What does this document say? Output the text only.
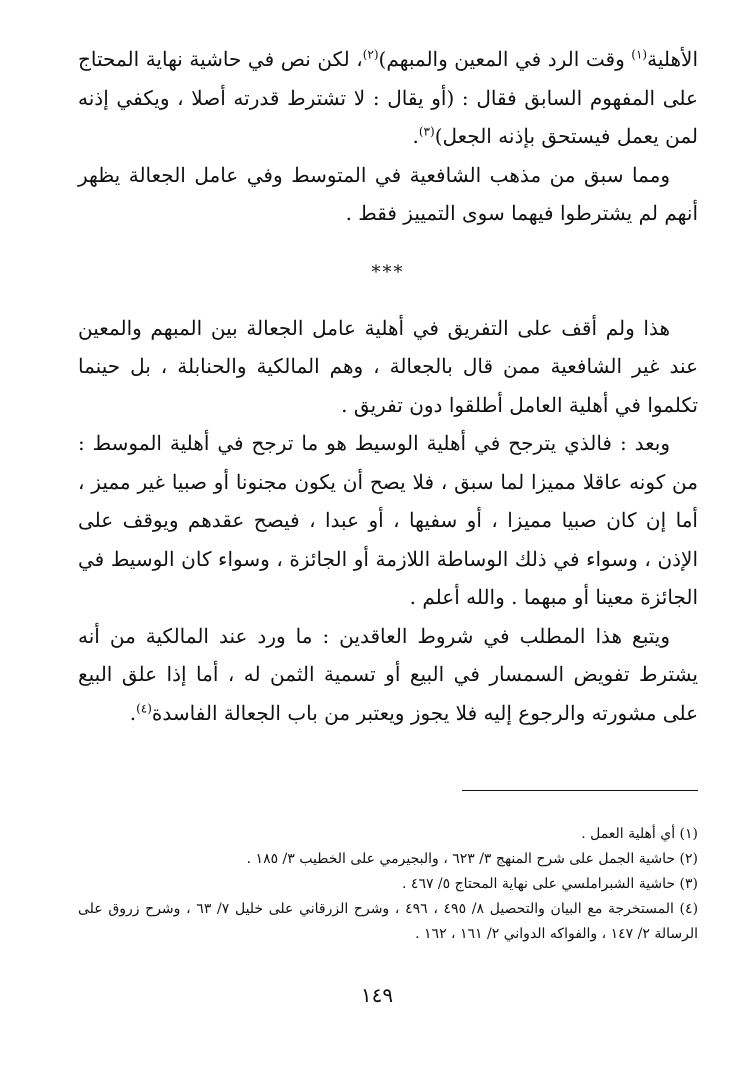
الأهلية$^{(١)}$ وقت الرد في المعين والمبهم)$^{(٢)}$، لكن نص في حاشية نهاية المحتاج على المفهوم السابق فقال : (أو يقال : لا تشترط قدرته أصلا ، ويكفي إذنه لمن يعمل فيستحق بإذنه الجعل)$^{(٣)}$.

ومما سبق من مذهب الشافعية في المتوسط وفي عامل الجعالة يظهر أنهم لم يشترطوا فيهما سوى التمييز فقط .

***

هذا ولم أقف على التفريق في أهلية عامل الجعالة بين المبهم والمعين عند غير الشافعية ممن قال بالجعالة ، وهم المالكية والحنابلة ، بل حينما تكلموا في أهلية العامل أطلقوا دون تفريق .

وبعد : فالذي يترجح في أهلية الوسيط هو ما ترجح في أهلية الموسط : من كونه عاقلا مميزا لما سبق ، فلا يصح أن يكون مجنونا أو صبيا غير مميز ، أما إن كان صبيا مميزا ، أو سفيها ، أو عبدا ، فيصح عقدهم ويوقف على الإذن ، وسواء في ذلك الوساطة اللازمة أو الجائزة ، وسواء كان الوسيط في الجائزة معينا أو مبهما . والله أعلم .

ويتبع هذا المطلب في شروط العاقدين : ما ورد عند المالكية من أنه يشترط تفويض السمسار في البيع أو تسمية الثمن له ، أما إذا علق البيع على مشورته والرجوع إليه فلا يجوز ويعتبر من باب الجعالة الفاسدة$^{(٤)}$.

(١) أي أهلية العمل .

(٢) حاشية الجمل على شرح المنهج ٣/ ٦٢٣ ، والبجيرمي على الخطيب ٣/ ١٨٥ .

(٣) حاشية الشبراملسي على نهاية المحتاج ٥/ ٤٦٧ .

(٤) المستخرجة مع البيان والتحصيل ٨/ ٤٩٥ ، ٤٩٦ ، وشرح الزرقاني على خليل ٧/ ٦٣ ، وشرح زروق على الرسالة ٢/ ١٤٧ ، والفواكه الدواني ٢/ ١٦١ ، ١٦٢ .

١٤٩
